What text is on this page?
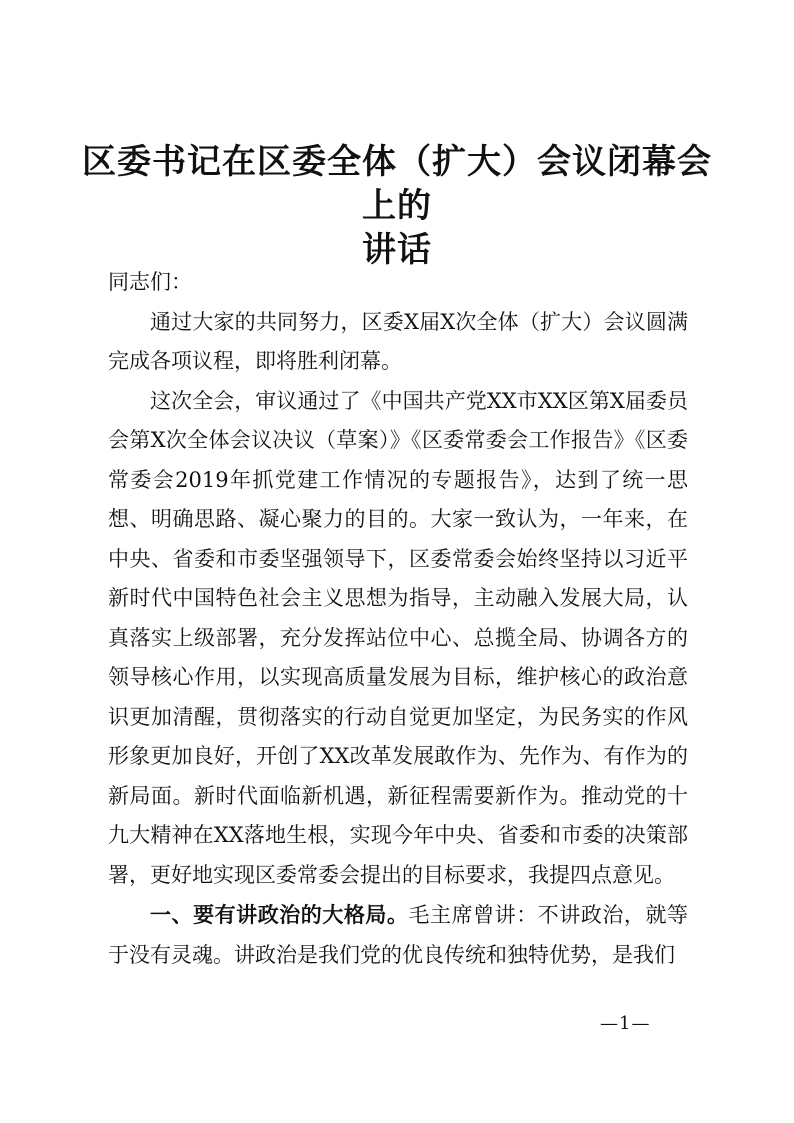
区委书记在区委全体（扩大）会议闭幕会上的
讲话

同志们：

通过大家的共同努力，区委X届X次全体（扩大）会议圆满完成各项议程，即将胜利闭幕。

这次全会，审议通过了《中国共产党XX市XX区第X届委员会第X次全体会议决议（草案）》《区委常委会工作报告》《区委常委会2019年抓党建工作情况的专题报告》，达到了统一思想、明确思路、凝心聚力的目的。大家一致认为，一年来，在中央、省委和市委坚强领导下，区委常委会始终坚持以习近平新时代中国特色社会主义思想为指导，主动融入发展大局，认真落实上级部署，充分发挥站位中心、总揽全局、协调各方的领导核心作用，以实现高质量发展为目标，维护核心的政治意识更加清醒，贯彻落实的行动自觉更加坚定，为民务实的作风形象更加良好，开创了XX改革发展敢作为、先作为、有作为的新局面。新时代面临新机遇，新征程需要新作为。推动党的十九大精神在XX落地生根，实现今年中央、省委和市委的决策部署，更好地实现区委常委会提出的目标要求，我提四点意见。

一、要有讲政治的大格局。毛主席曾讲：不讲政治，就等于没有灵魂。讲政治是我们党的优良传统和独特优势，是我们

—1—
